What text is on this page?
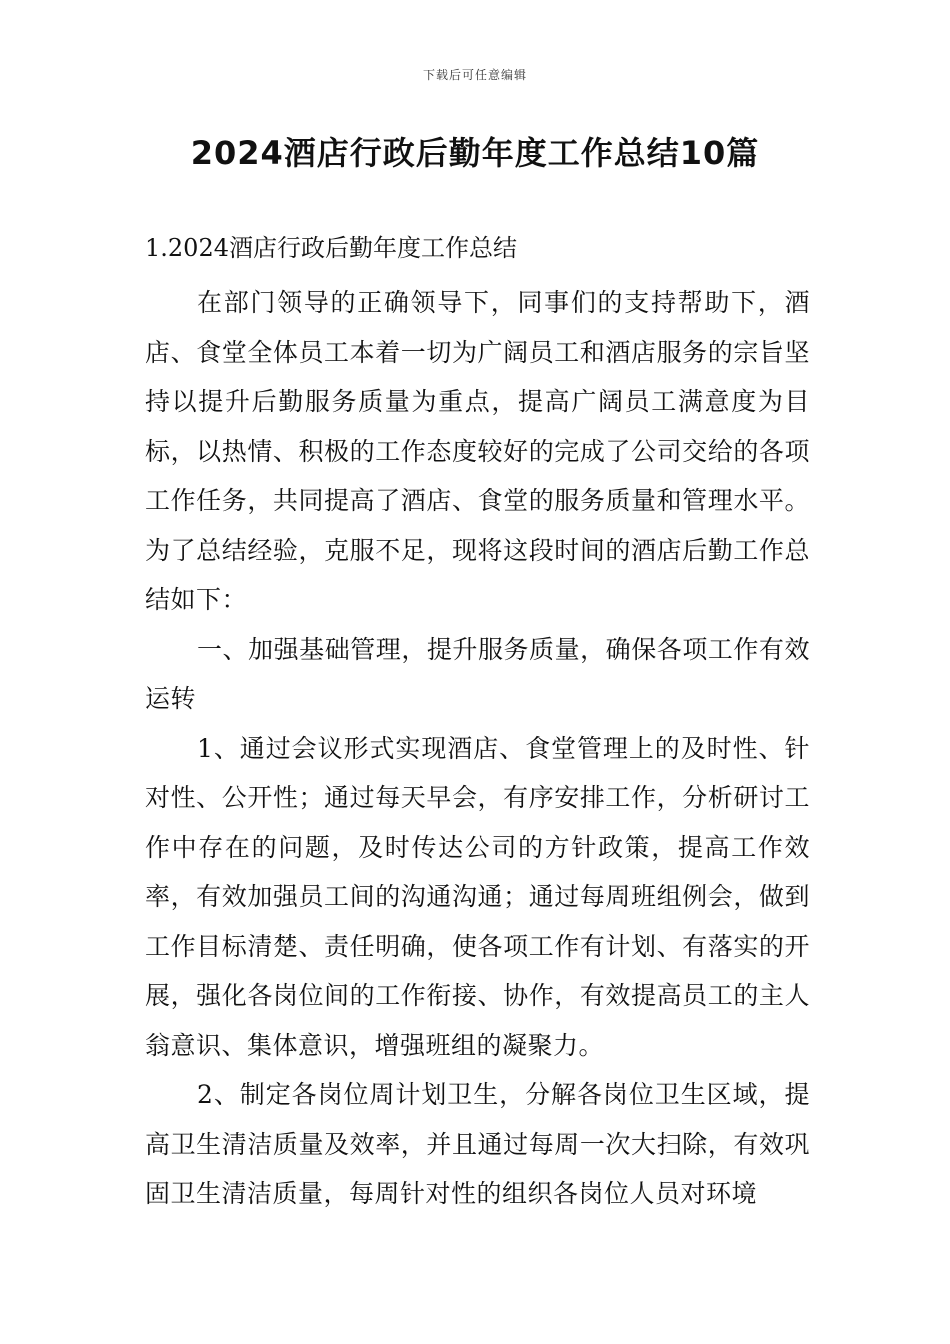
下载后可任意编辑
2024酒店行政后勤年度工作总结10篇
1.2024酒店行政后勤年度工作总结

在部门领导的正确领导下，同事们的支持帮助下，酒店、食堂全体员工本着一切为广阔员工和酒店服务的宗旨坚持以提升后勤服务质量为重点，提高广阔员工满意度为目标，以热情、积极的工作态度较好的完成了公司交给的各项工作任务，共同提高了酒店、食堂的服务质量和管理水平。为了总结经验，克服不足，现将这段时间的酒店后勤工作总结如下：

一、加强基础管理，提升服务质量，确保各项工作有效运转

1、通过会议形式实现酒店、食堂管理上的及时性、针对性、公开性；通过每天早会，有序安排工作，分析研讨工作中存在的问题，及时传达公司的方针政策，提高工作效率，有效加强员工间的沟通沟通；通过每周班组例会，做到工作目标清楚、责任明确，使各项工作有计划、有落实的开展，强化各岗位间的工作衔接、协作，有效提高员工的主人翁意识、集体意识，增强班组的凝聚力。

2、制定各岗位周计划卫生，分解各岗位卫生区域，提高卫生清洁质量及效率，并且通过每周一次大扫除，有效巩固卫生清洁质量，每周针对性的组织各岗位人员对环境
